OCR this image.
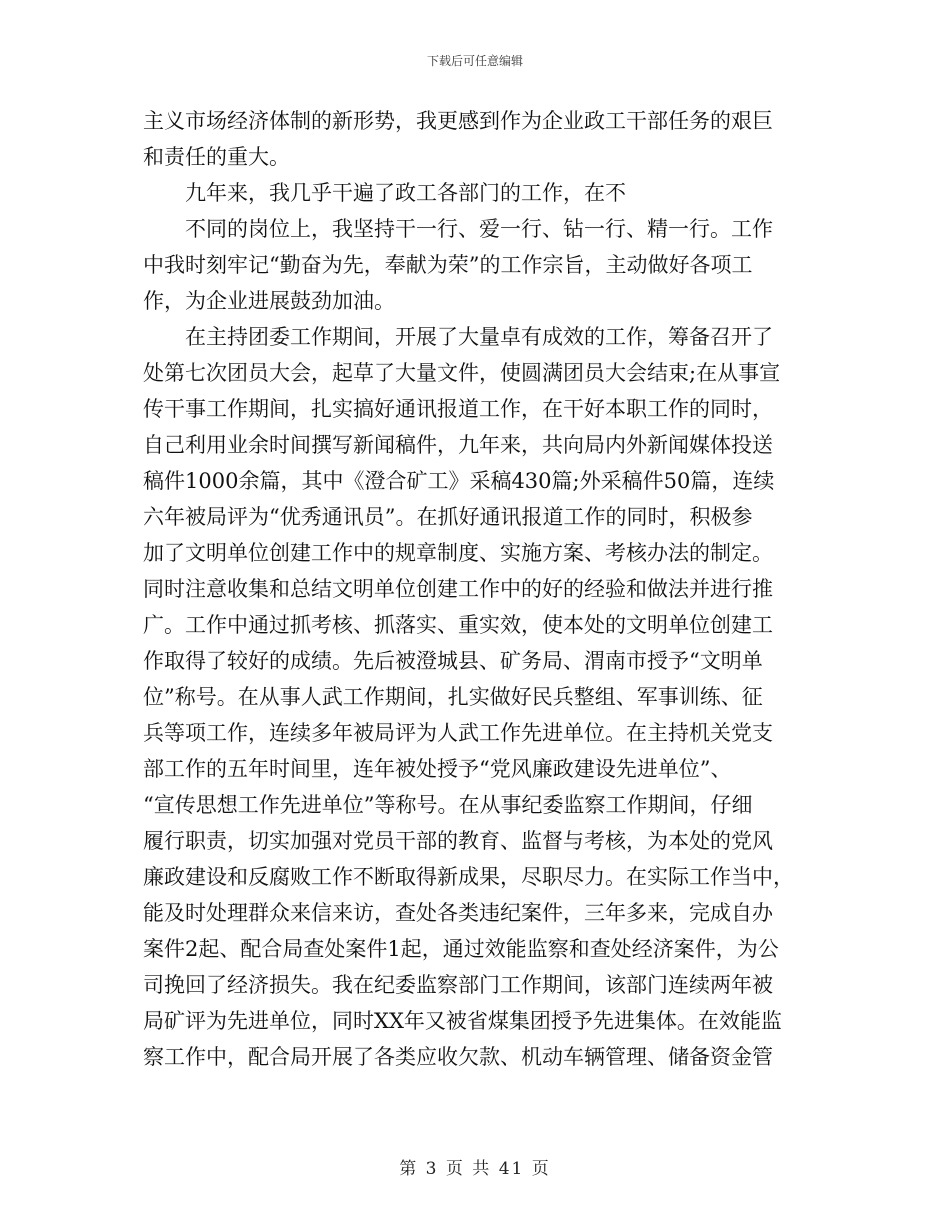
下载后可任意编辑
主义市场经济体制的新形势，我更感到作为企业政工干部任务的艰巨
和责任的重大。
九年来，我几乎干遍了政工各部门的工作，在不
不同的岗位上，我坚持干一行、爱一行、钻一行、精一行。工作
中我时刻牢记“勤奋为先，奉献为荣”的工作宗旨，主动做好各项工
作，为企业进展鼓劲加油。
在主持团委工作期间，开展了大量卓有成效的工作，筹备召开了
处第七次团员大会，起草了大量文件，使圆满团员大会结束;在从事宣
传干事工作期间，扎实搞好通讯报道工作，在干好本职工作的同时，
自己利用业余时间撰写新闻稿件，九年来，共向局内外新闻媒体投送
稿件1000余篇，其中《澄合矿工》采稿430篇;外采稿件50篇，连续
六年被局评为“优秀通讯员”。在抓好通讯报道工作的同时，积极参
加了文明单位创建工作中的规章制度、实施方案、考核办法的制定。
同时注意收集和总结文明单位创建工作中的好的经验和做法并进行推
广。工作中通过抓考核、抓落实、重实效，使本处的文明单位创建工
作取得了较好的成绩。先后被澄城县、矿务局、渭南市授予“文明单
位”称号。在从事人武工作期间，扎实做好民兵整组、军事训练、征
兵等项工作，连续多年被局评为人武工作先进单位。在主持机关党支
部工作的五年时间里，连年被处授予“党风廉政建设先进单位”、
“宣传思想工作先进单位”等称号。在从事纪委监察工作期间，仔细
履行职责，切实加强对党员干部的教育、监督与考核，为本处的党风
廉政建设和反腐败工作不断取得新成果，尽职尽力。在实际工作当中，
能及时处理群众来信来访，查处各类违纪案件，三年多来，完成自办
案件2起、配合局查处案件1起，通过效能监察和查处经济案件，为公
司挽回了经济损失。我在纪委监察部门工作期间，该部门连续两年被
局矿评为先进单位，同时XX年又被省煤集团授予先进集体。在效能监
察工作中，配合局开展了各类应收欠款、机动车辆管理、储备资金管
第 3 页 共 41 页
